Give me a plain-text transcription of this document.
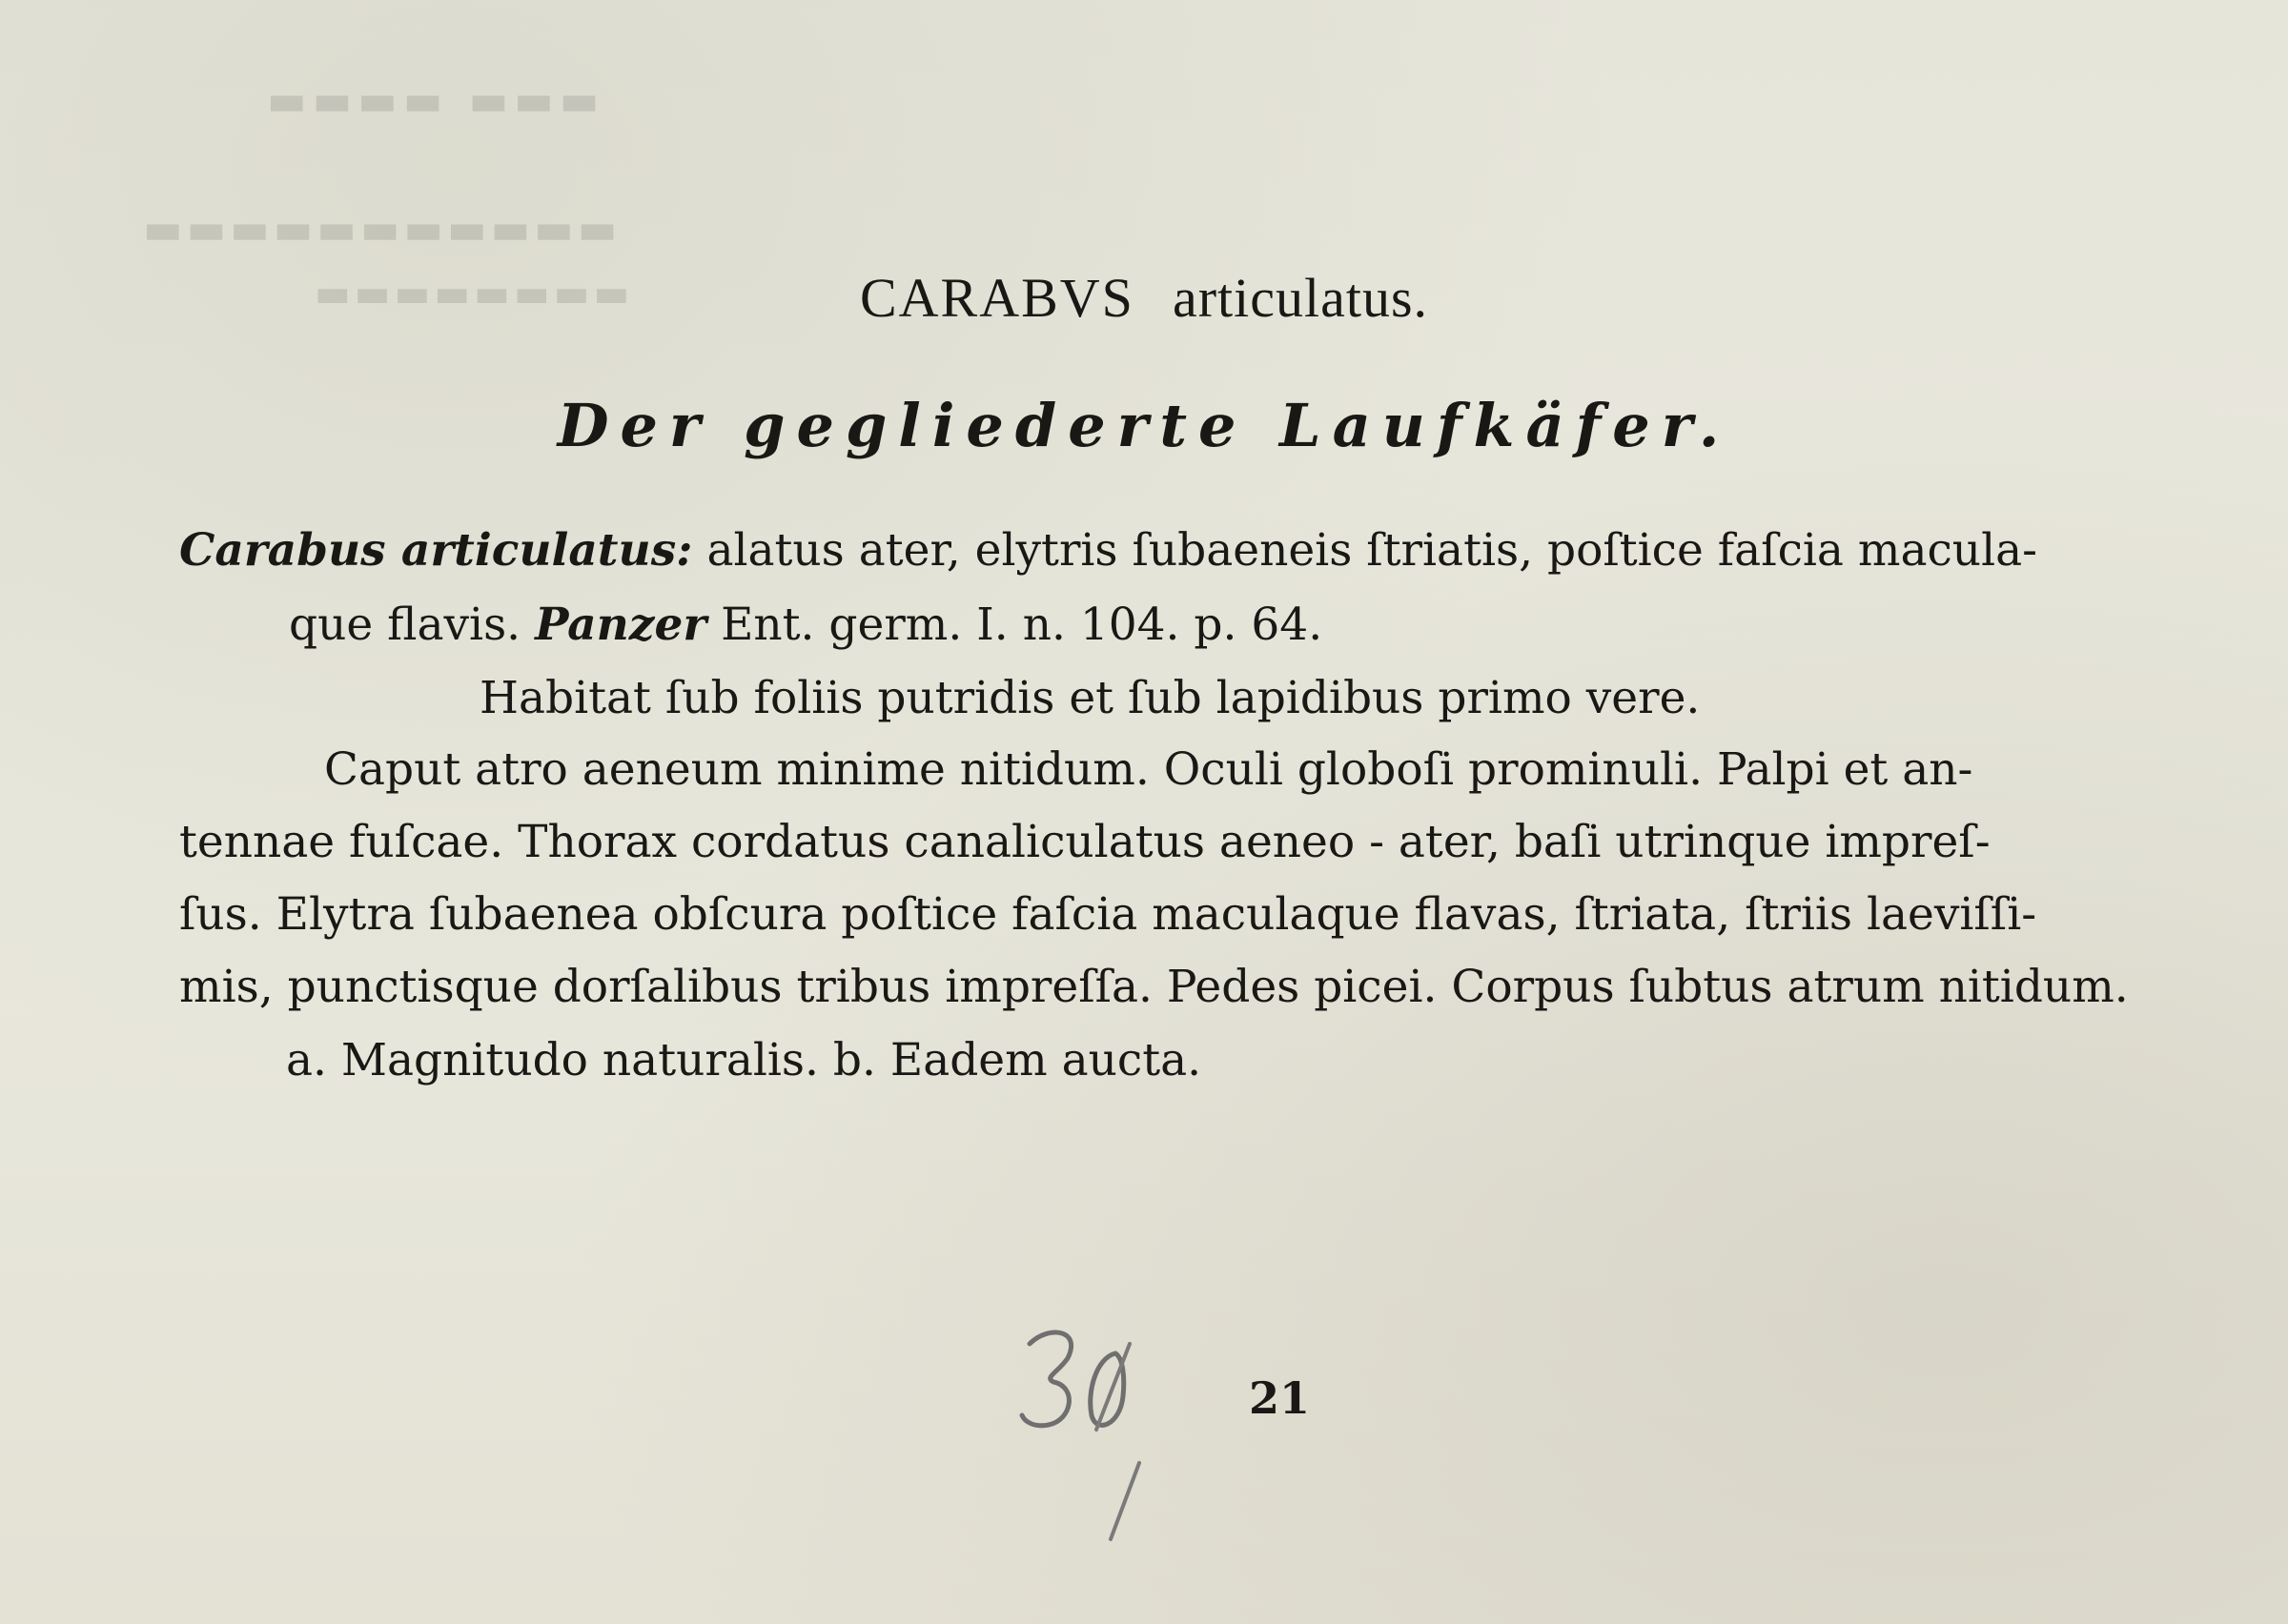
▬▬▬▬ ▬▬▬
▬▬▬▬▬▬▬▬▬▬▬
▬▬▬▬▬▬▬▬	CARABVS articulatus.
Der gegliederte Laufkäfer.
Carabus articulatus: alatus ater, elytris ſubaeneis ſtriatis, poſtice faſcia macula-
que flavis. Panzer Ent. germ. I. n. 104. p. 64.
Habitat ſub foliis putridis et ſub lapidibus primo vere.
Caput atro aeneum minime nitidum. Oculi globoſi prominuli. Palpi et an-
tennae fuſcae. Thorax cordatus canaliculatus aeneo - ater, baſi utrinque impreſ-
ſus. Elytra ſubaenea obſcura poſtice faſcia maculaque flavas, ſtriata, ſtriis laeviſſi-
mis, punctisque dorſalibus tribus impreſſa. Pedes picei. Corpus ſubtus atrum nitidum.
a. Magnitudo naturalis. b. Eadem aucta.
21
